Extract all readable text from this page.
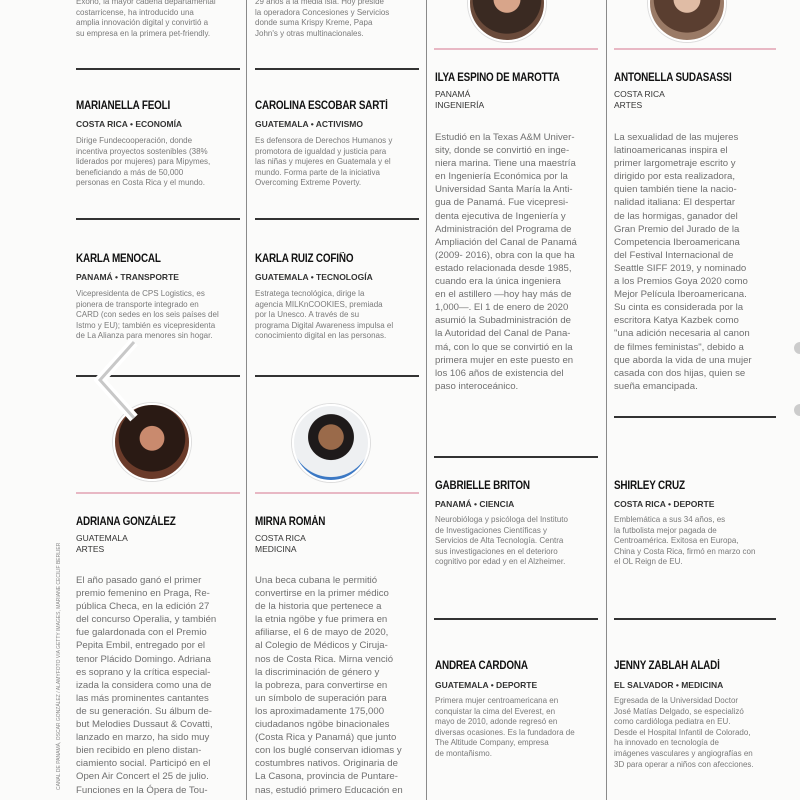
Exono, la mayor cadena departamental
costarricense, ha introducido una
amplia innovación digital y convirtió a
su empresa en la primera pet-friendly.
MARIANELLA FEOLI
COSTA RICA • ECONOMÍA
Dirige Fundecooperación, donde
incentiva proyectos sostenibles (38%
liderados por mujeres) para Mipymes,
beneficiando a más de 50,000
personas en Costa Rica y el mundo.
KARLA MENOCAL
PANAMÁ • TRANSPORTE
Vicepresidenta de CPS Logistics, es
pionera de transporte integrado en
CARD (con sedes en los seis países del
Istmo y EU); también es vicepresidenta
de La Alianza para menores sin hogar.
ADRIANA GONZÁLEZ
GUATEMALA
ARTES
El año pasado ganó el primer
premio femenino en Praga, Re-
pública Checa, en la edición 27
del concurso Operalia, y también
fue galardonada con el Premio
Pepita Embil, entregado por el
tenor Plácido Domingo. Adriana
es soprano y la crítica especial-
izada la considera como una de
las más prominentes cantantes
de su generación. Su álbum de-
but Melodies Dussaut & Covatti,
lanzado en marzo, ha sido muy
bien recibido en pleno distan-
ciamiento social. Participó en el
Open Air Concert el 25 de julio.
Funciones en la Ópera de Tou-
CANAL DE PANAMÁ, OSCAR GONZÁLEZ / ALAMYFOTO VIA GETTY IMAGES, MARIANE CECILIF BERLIER
29 años a la media isla. Hoy preside
la operadora Concesiones y Servicios
donde suma Krispy Kreme, Papa
John's y otras multinacionales.
CAROLINA ESCOBAR SARTÍ
GUATEMALA • ACTIVISMO
Es defensora de Derechos Humanos y
promotora de igualdad y justicia para
las niñas y mujeres en Guatemala y el
mundo. Forma parte de la iniciativa
Overcoming Extreme Poverty.
KARLA RUIZ COFIÑO
GUATEMALA • TECNOLOGÍA
Estratega tecnológica, dirige la
agencia MILKnCOOKIES, premiada
por la Unesco. A través de su
programa Digital Awareness impulsa el
conocimiento digital en las personas.
MIRNA ROMÁN
COSTA RICA
MEDICINA
Una beca cubana le permitió
convertirse en la primer médico
de la historia que pertenece a
la etnia ngöbe y fue primera en
afiliarse, el 6 de mayo de 2020,
al Colegio de Médicos y Ciruja-
nos de Costa Rica. Mirna venció
la discriminación de género y
la pobreza, para convertirse en
un símbolo de superación para
los aproximadamente 175,000
ciudadanos ngöbe binacionales
(Costa Rica y Panamá) que junto
con los buglé conservan idiomas y
costumbres nativos. Originaria de
La Casona, provincia de Puntare-
nas, estudió primero Educación en
ILYA ESPINO DE MAROTTA
PANAMÁ
INGENIERÍA
Estudió en la Texas A&M Univer-
sity, donde se convirtió en inge-
niera marina. Tiene una maestría
en Ingeniería Económica por la
Universidad Santa María la Anti-
gua de Panamá. Fue vicepresi-
denta ejecutiva de Ingeniería y
Administración del Programa de
Ampliación del Canal de Panamá
(2009- 2016), obra con la que ha
estado relacionada desde 1985,
cuando era la única ingeniera
en el astillero —hoy hay más de
1,000—. El 1 de enero de 2020
asumió la Subadministración de
la Autoridad del Canal de Pana-
má, con lo que se convirtió en la
primera mujer en este puesto en
los 106 años de existencia del
paso interoceánico.
GABRIELLE BRITON
PANAMÁ • CIENCIA
Neurobióloga y psicóloga del Instituto
de Investigaciones Científicas y
Servicios de Alta Tecnología. Centra
sus investigaciones en el deterioro
cognitivo por edad y en el Alzheimer.
ANDREA CARDONA
GUATEMALA • DEPORTE
Primera mujer centroamericana en
conquistar la cima del Everest, en
mayo de 2010, adonde regresó en
diversas ocasiones. Es la fundadora de
The Altitude Company, empresa
de montañismo.
ANTONELLA SUDASASSI
COSTA RICA
ARTES
La sexualidad de las mujeres
latinoamericanas inspira el
primer largometraje escrito y
dirigido por esta realizadora,
quien también tiene la nacio-
nalidad italiana: El despertar
de las hormigas, ganador del
Gran Premio del Jurado de la
Competencia Iberoamericana
del Festival Internacional de
Seattle SIFF 2019, y nominado
a los Premios Goya 2020 como
Mejor Película Iberoamericana.
Su cinta es considerada por la
escritora Katya Kazbek como
"una adición necesaria al canon
de filmes feministas", debido a
que aborda la vida de una mujer
casada con dos hijas, quien se
sueña emancipada.
SHIRLEY CRUZ
COSTA RICA • DEPORTE
Emblemática a sus 34 años, es
la futbolista mejor pagada de
Centroamérica. Exitosa en Europa,
China y Costa Rica, firmó en marzo con
el OL Reign de EU.
JENNY ZABLAH ALADÍ
EL SALVADOR • MEDICINA
Egresada de la Universidad Doctor
José Matías Delgado, se especializó
como cardióloga pediatra en EU.
Desde el Hospital Infantil de Colorado,
ha innovado en tecnología de
imágenes vasculares y angiografías en
3D para operar a niños con afecciones.
